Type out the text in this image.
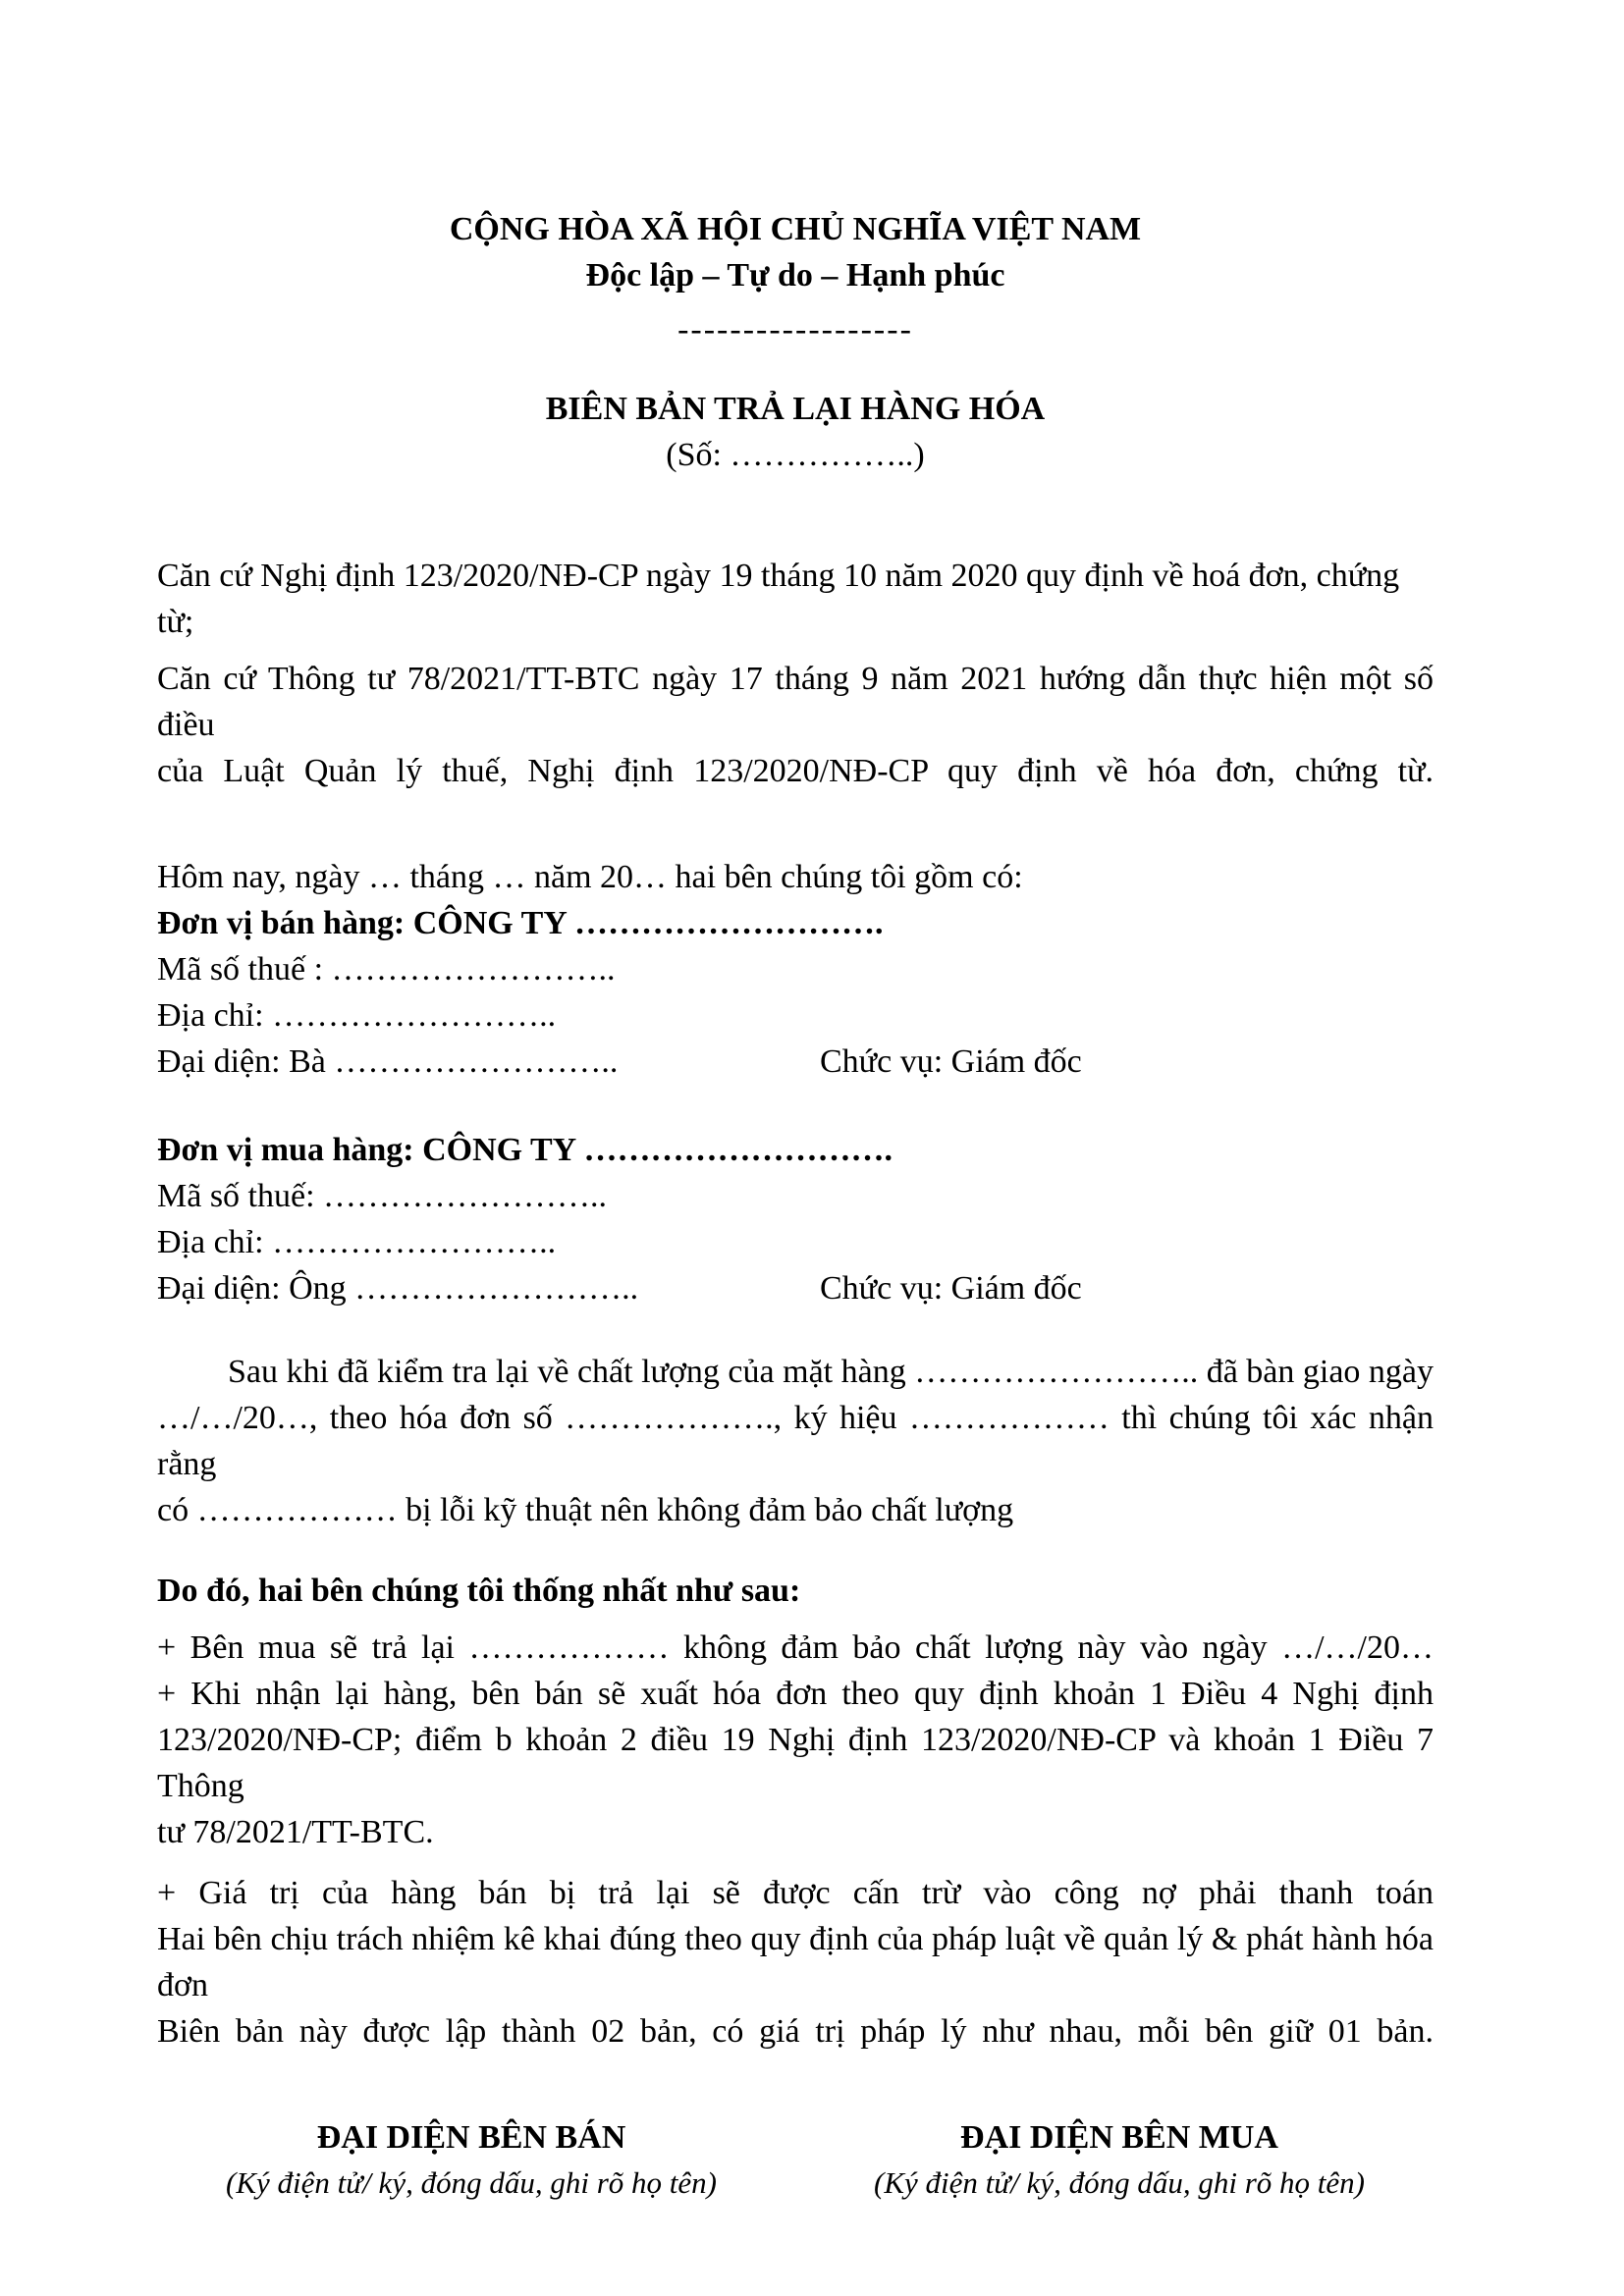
CỘNG HÒA XÃ HỘI CHỦ NGHĨA VIỆT NAM
Độc lập – Tự do – Hạnh phúc
------------------
BIÊN BẢN TRẢ LẠI HÀNG HÓA
(Số: ……………..)
Căn cứ Nghị định 123/2020/NĐ-CP ngày 19 tháng 10 năm 2020 quy định về hoá đơn, chứng từ;
Căn cứ Thông tư 78/2021/TT-BTC ngày 17 tháng 9 năm 2021 hướng dẫn thực hiện một số điều
của Luật Quản lý thuế, Nghị định 123/2020/NĐ-CP quy định về hóa đơn, chứng từ.
Hôm nay, ngày … tháng … năm 20… hai bên chúng tôi gồm có:
Đơn vị bán hàng: CÔNG TY ……………………….
Mã số thuế : ……………………..
Địa chỉ: ……………………..
Đại diện: Bà ……………………..	Chức vụ: Giám đốc
Đơn vị mua hàng: CÔNG TY ……………………….
Mã số thuế: ……………………..
Địa chỉ: ……………………..
Đại diện: Ông ……………………..	Chức vụ: Giám đốc
Sau khi đã kiểm tra lại về chất lượng của mặt hàng …………………….. đã bàn giao ngày
…/…/20…, theo hóa đơn số ………………., ký hiệu ……………… thì chúng tôi xác nhận rằng
có ……………… bị lỗi kỹ thuật nên không đảm bảo chất lượng
Do đó, hai bên chúng tôi thống nhất như sau:
+ Bên mua sẽ trả lại ……………… không đảm bảo chất lượng này vào ngày …/…/20…
+ Khi nhận lại hàng, bên bán sẽ xuất hóa đơn theo quy định khoản 1 Điều 4 Nghị định
123/2020/NĐ-CP; điểm b khoản 2 điều 19 Nghị định 123/2020/NĐ-CP và khoản 1 Điều 7 Thông
tư 78/2021/TT-BTC.
+ Giá trị của hàng bán bị trả lại sẽ được cấn trừ vào công nợ phải thanh toán
Hai bên chịu trách nhiệm kê khai đúng theo quy định của pháp luật về quản lý & phát hành hóa
đơn
Biên bản này được lập thành 02 bản, có giá trị pháp lý như nhau, mỗi bên giữ 01 bản.
ĐẠI DIỆN BÊN BÁN
(Ký điện tử/ ký, đóng dấu, ghi rõ họ tên)
ĐẠI DIỆN BÊN MUA
(Ký điện tử/ ký, đóng dấu, ghi rõ họ tên)
